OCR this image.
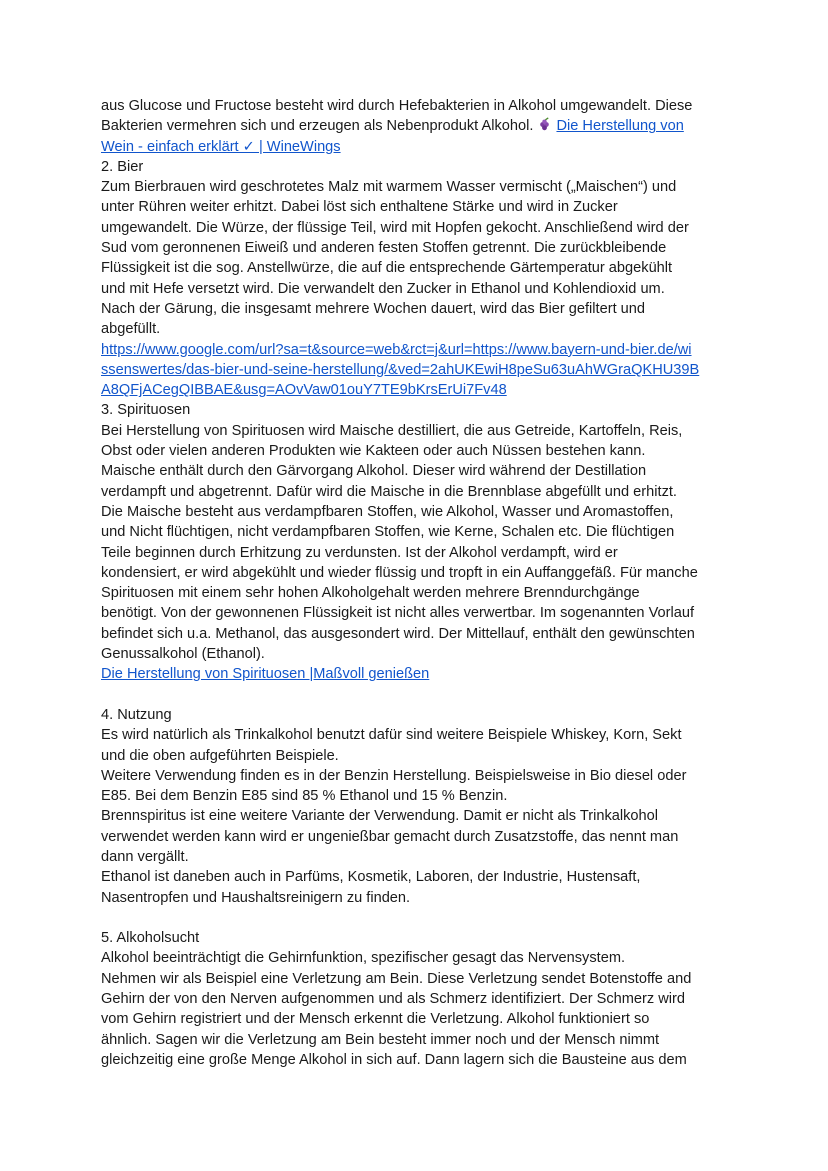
aus Glucose und Fructose besteht wird durch Hefebakterien in Alkohol umgewandelt. Diese
Bakterien vermehren sich und erzeugen als Nebenprodukt Alkohol. Die Herstellung von
Wein - einfach erklärt ✓ | WineWings
2. Bier
Zum Bierbrauen wird geschrotetes Malz mit warmem Wasser vermischt („Maischen“) und
unter Rühren weiter erhitzt. Dabei löst sich enthaltene Stärke und wird in Zucker
umgewandelt. Die Würze, der flüssige Teil, wird mit Hopfen gekocht. Anschließend wird der
Sud vom geronnenen Eiweiß und anderen festen Stoffen getrennt. Die zurückbleibende
Flüssigkeit ist die sog. Anstellwürze, die auf die entsprechende Gärtemperatur abgekühlt
und mit Hefe versetzt wird. Die verwandelt den Zucker in Ethanol und Kohlendioxid um.
Nach der Gärung, die insgesamt mehrere Wochen dauert, wird das Bier gefiltert und
abgefüllt.
https://www.google.com/url?sa=t&source=web&rct=j&url=https://www.bayern-und-bier.de/wi
ssenswertes/das-bier-und-seine-herstellung/&ved=2ahUKEwiH8peSu63uAhWGraQKHU39B
A8QFjACegQIBBAE&usg=AOvVaw01ouY7TE9bKrsErUi7Fv48
3. Spirituosen
Bei Herstellung von Spirituosen wird Maische destilliert, die aus Getreide, Kartoffeln, Reis,
Obst oder vielen anderen Produkten wie Kakteen oder auch Nüssen bestehen kann.
Maische enthält durch den Gärvorgang Alkohol. Dieser wird während der Destillation
verdampft und abgetrennt. Dafür wird die Maische in die Brennblase abgefüllt und erhitzt.
Die Maische besteht aus verdampfbaren Stoffen, wie Alkohol, Wasser und Aromastoffen,
und Nicht flüchtigen, nicht verdampfbaren Stoffen, wie Kerne, Schalen etc. Die flüchtigen
Teile beginnen durch Erhitzung zu verdunsten. Ist der Alkohol verdampft, wird er
kondensiert, er wird abgekühlt und wieder flüssig und tropft in ein Auffanggefäß. Für manche
Spirituosen mit einem sehr hohen Alkoholgehalt werden mehrere Brenndurchgänge
benötigt. Von der gewonnenen Flüssigkeit ist nicht alles verwertbar. Im sogenannten Vorlauf
befindet sich u.a. Methanol, das ausgesondert wird. Der Mittellauf, enthält den gewünschten
Genussalkohol (Ethanol).
Die Herstellung von Spirituosen |Maßvoll genießen
4. Nutzung
Es wird natürlich als Trinkalkohol benutzt dafür sind weitere Beispiele Whiskey, Korn, Sekt
und die oben aufgeführten Beispiele.
Weitere Verwendung finden es in der Benzin Herstellung. Beispielsweise in Bio diesel oder
E85. Bei dem Benzin E85 sind 85 % Ethanol und 15 % Benzin.
Brennspiritus ist eine weitere Variante der Verwendung. Damit er nicht als Trinkalkohol
verwendet werden kann wird er ungenießbar gemacht durch Zusatzstoffe, das nennt man
dann vergällt.
Ethanol ist daneben auch in Parfüms, Kosmetik, Laboren, der Industrie, Hustensaft,
Nasentropfen und Haushaltsreinigern zu finden.
5. Alkoholsucht
Alkohol beeinträchtigt die Gehirnfunktion, spezifischer gesagt das Nervensystem.
Nehmen wir als Beispiel eine Verletzung am Bein. Diese Verletzung sendet Botenstoffe and
Gehirn der von den Nerven aufgenommen und als Schmerz identifiziert. Der Schmerz wird
vom Gehirn registriert und der Mensch erkennt die Verletzung. Alkohol funktioniert so
ähnlich. Sagen wir die Verletzung am Bein besteht immer noch und der Mensch nimmt
gleichzeitig eine große Menge Alkohol in sich auf. Dann lagern sich die Bausteine aus dem
